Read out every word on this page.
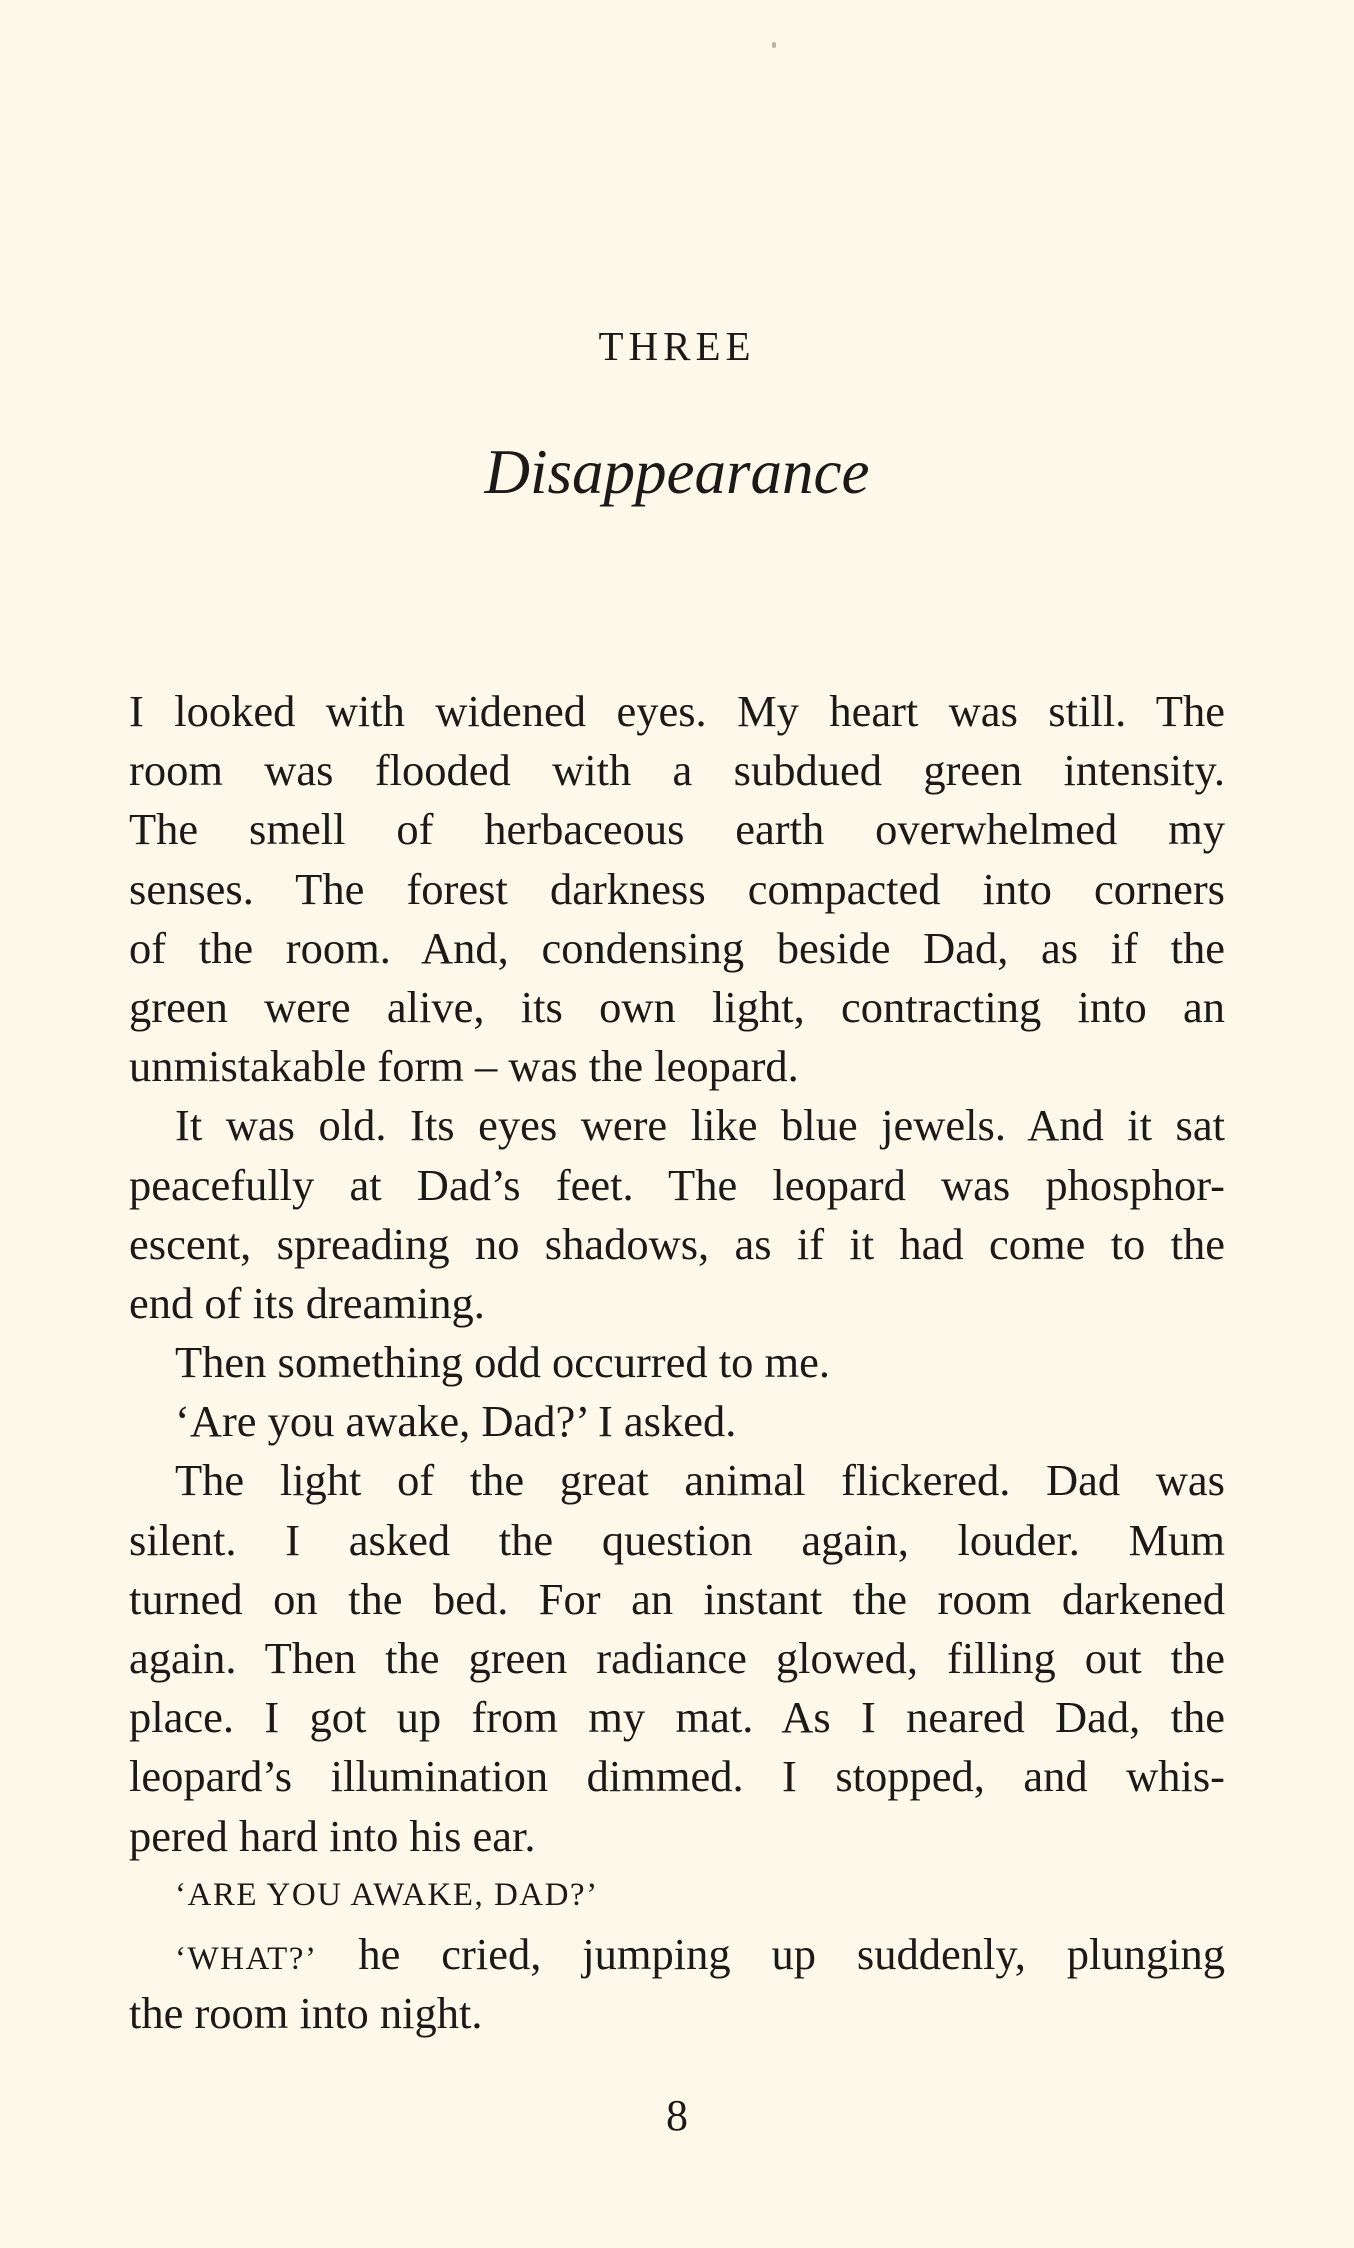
THREE
Disappearance
I looked with widened eyes. My heart was still. The
room was flooded with a subdued green intensity.
The smell of herbaceous earth overwhelmed my
senses. The forest darkness compacted into corners
of the room. And, condensing beside Dad, as if the
green were alive, its own light, contracting into an
unmistakable form – was the leopard.
It was old. Its eyes were like blue jewels. And it sat
peacefully at Dad’s feet. The leopard was phosphor-
escent, spreading no shadows, as if it had come to the
end of its dreaming.
Then something odd occurred to me.
‘Are you awake, Dad?’ I asked.
The light of the great animal flickered. Dad was
silent. I asked the question again, louder. Mum
turned on the bed. For an instant the room darkened
again. Then the green radiance glowed, filling out the
place. I got up from my mat. As I neared Dad, the
leopard’s illumination dimmed. I stopped, and whis-
pered hard into his ear.
‘ARE YOU AWAKE, DAD?’
‘WHAT?’ he cried, jumping up suddenly, plunging
the room into night.
8
